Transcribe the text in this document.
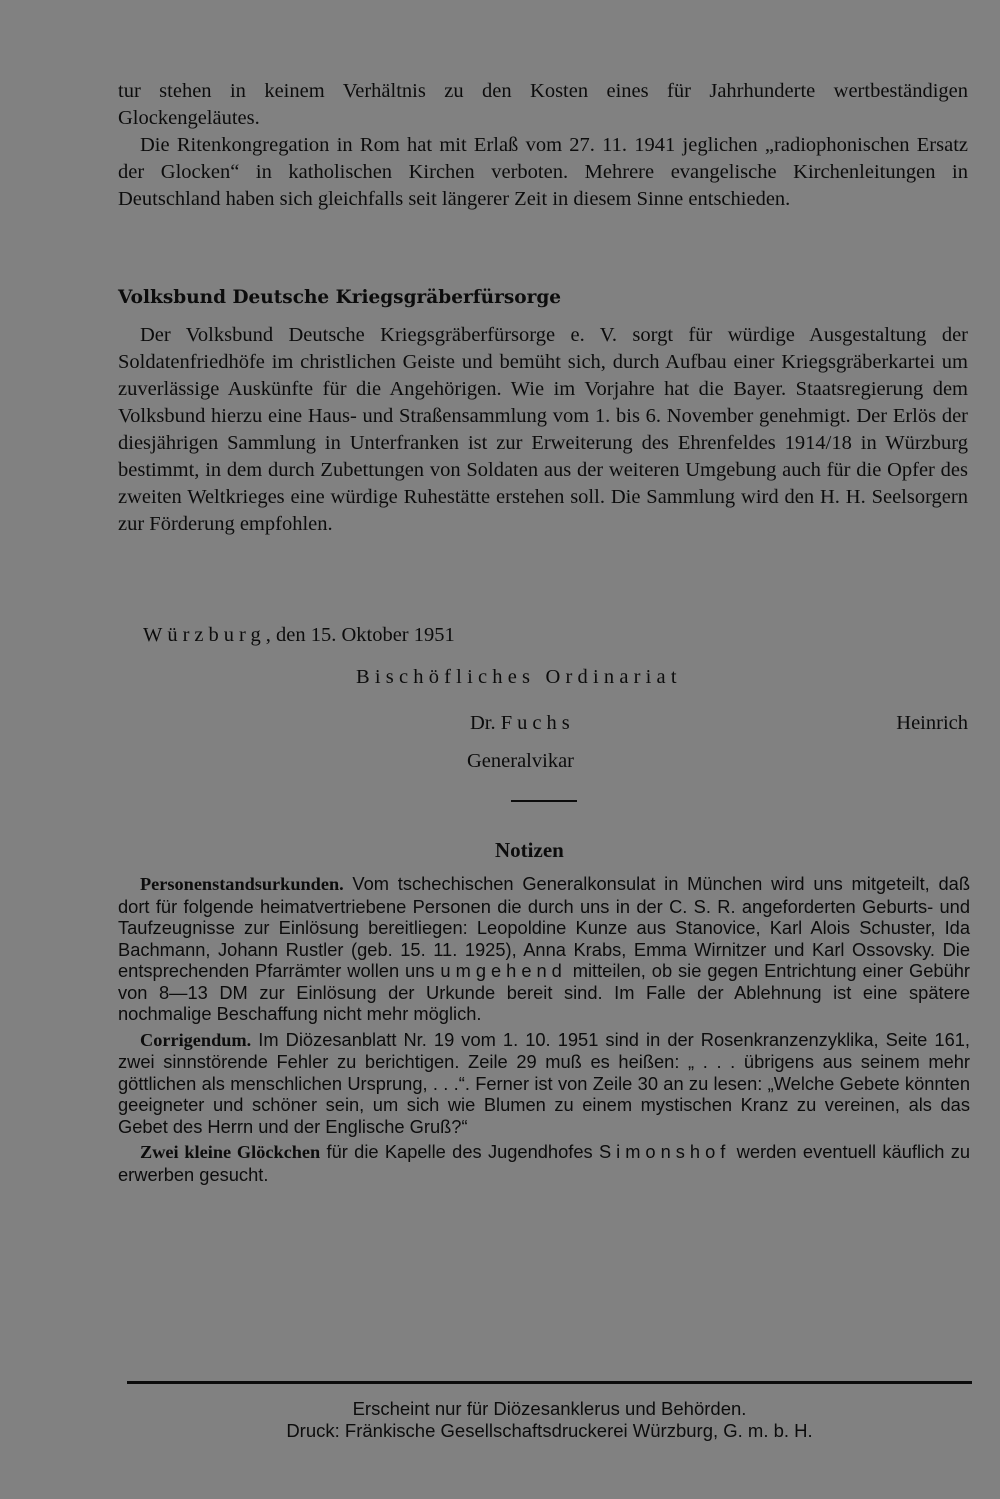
tur stehen in keinem Verhältnis zu den Kosten eines für Jahrhunderte wertbeständigen Glockengeläutes.
Die Ritenkongregation in Rom hat mit Erlaß vom 27. 11. 1941 jeglichen „radiophonischen Ersatz der Glocken“ in katholischen Kirchen verboten. Mehrere evangelische Kirchenleitungen in Deutschland haben sich gleichfalls seit längerer Zeit in diesem Sinne entschieden.
Volksbund Deutsche Kriegsgräberfürsorge

Der Volksbund Deutsche Kriegsgräberfürsorge e. V. sorgt für würdige Ausgestaltung der Soldatenfriedhöfe im christlichen Geiste und bemüht sich, durch Aufbau einer Kriegsgräberkartei um zuverlässige Auskünfte für die Angehörigen. Wie im Vorjahre hat die Bayer. Staatsregierung dem Volksbund hierzu eine Haus- und Straßensammlung vom 1. bis 6. November genehmigt. Der Erlös der diesjährigen Sammlung in Unterfranken ist zur Erweiterung des Ehrenfeldes 1914/18 in Würzburg bestimmt, in dem durch Zubettungen von Soldaten aus der weiteren Umgebung auch für die Opfer des zweiten Weltkrieges eine würdige Ruhestätte erstehen soll. Die Sammlung wird den H. H. Seelsorgern zur Förderung empfohlen.

Würzburg, den 15. Oktober 1951
Bischöfliches Ordinariat
Dr. Fuchs	Heinrich
Generalvikar
Notizen

Personenstandsurkunden. Vom tschechischen Generalkonsulat in München wird uns mitgeteilt, daß dort für folgende heimatvertriebene Personen die durch uns in der C. S. R. angeforderten Geburts- und Taufzeugnisse zur Einlösung bereitliegen: Leopoldine Kunze aus Stanovice, Karl Alois Schuster, Ida Bachmann, Johann Rustler (geb. 15. 11. 1925), Anna Krabs, Emma Wirnitzer und Karl Ossovsky. Die entsprechenden Pfarrämter wollen uns umgehend mitteilen, ob sie gegen Entrichtung einer Gebühr von 8—13 DM zur Einlösung der Urkunde bereit sind. Im Falle der Ablehnung ist eine spätere nochmalige Beschaffung nicht mehr möglich.

Corrigendum. Im Diözesanblatt Nr. 19 vom 1. 10. 1951 sind in der Rosenkranzenzyklika, Seite 161, zwei sinnstörende Fehler zu berichtigen. Zeile 29 muß es heißen: „ . . . übrigens aus seinem mehr göttlichen als menschlichen Ursprung, . . .“. Ferner ist von Zeile 30 an zu lesen: „Welche Gebete könnten geeigneter und schöner sein, um sich wie Blumen zu einem mystischen Kranz zu vereinen, als das Gebet des Herrn und der Englische Gruß?“

Zwei kleine Glöckchen für die Kapelle des Jugendhofes Simonshof werden eventuell käuflich zu erwerben gesucht.

Erscheint nur für Diözesanklerus und Behörden.
Druck: Fränkische Gesellschaftsdruckerei Würzburg, G. m. b. H.
